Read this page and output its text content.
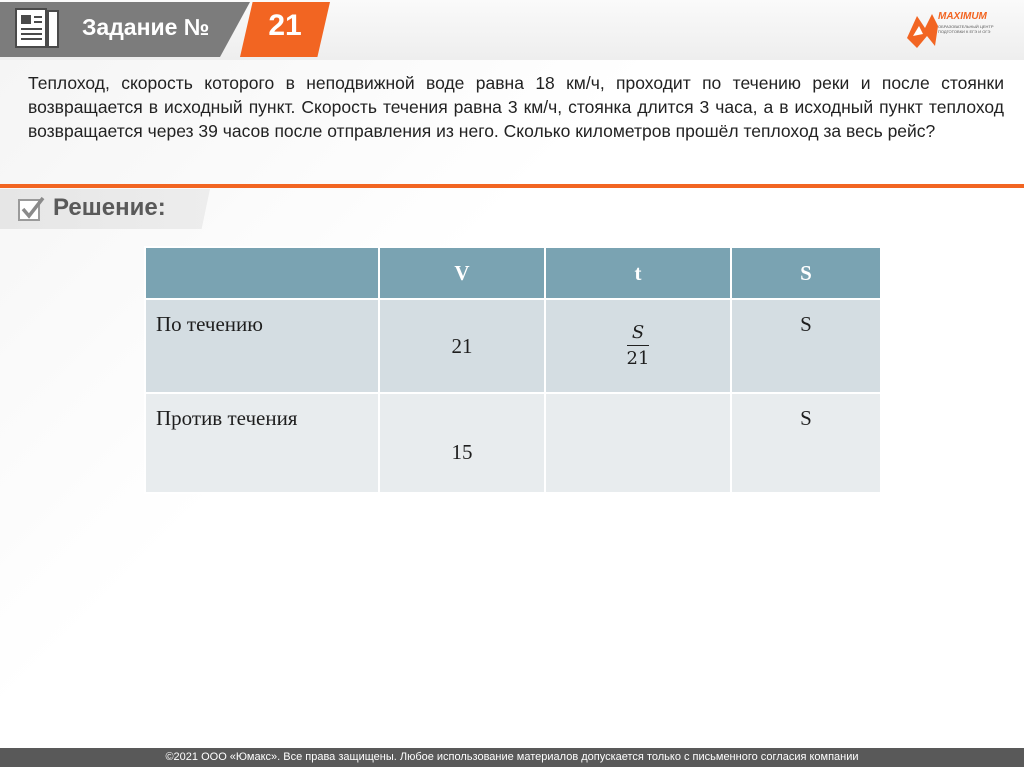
Задание №	21	MAXIMUM
ОБРАЗОВАТЕЛЬНЫЙ ЦЕНТР ПОДГОТОВКИ К ЕГЭ И ОГЭ
Теплоход, скорость которого в неподвижной воде равна 18 км/ч, проходит по течению реки и после стоянки возвращается в исходный пункт. Скорость течения равна 3 км/ч, стоянка длится 3 часа, а в исходный пункт теплоход возвращается через 39 часов после отправления из него. Сколько километров прошёл теплоход за весь рейс?
Решение:
	V	t	S
По течению	21	$\frac{S}{21}$	S
Против течения	15		S
©2021 ООО «Юмакс». Все права защищены. Любое использование материалов допускается только с письменного согласия компании
